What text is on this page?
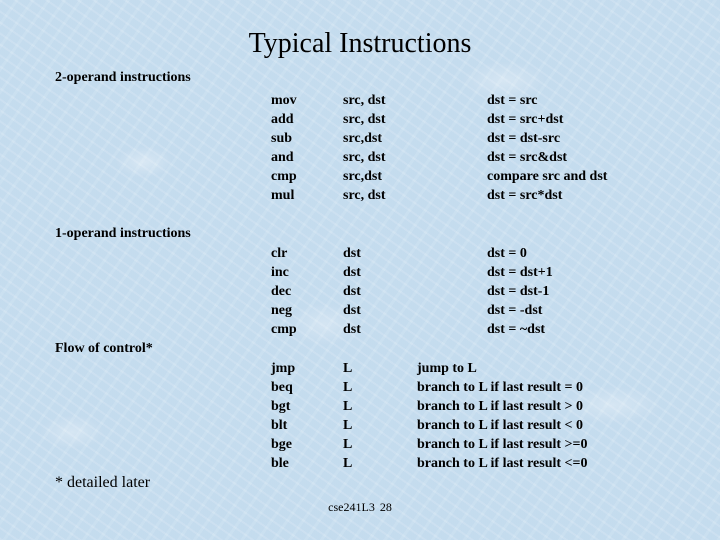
Typical Instructions
2-operand instructions
mov	src, dst	dst = src
add	src, dst	dst = src+dst
sub	src,dst	dst = dst-src
and	src, dst	dst = src&dst
cmp	src,dst	compare src and dst
mul	src, dst	dst = src*dst
1-operand instructions
clr	dst	dst = 0
inc	dst	dst = dst+1
dec	dst	dst = dst-1
neg	dst	dst = -dst
cmp	dst	dst = ~dst
Flow of control*
jmp	L	jump to L
beq	L	branch to L if last result = 0
bgt	L	branch to L if last result > 0
blt	L	branch to L if last result < 0
bge	L	branch to L if last result >=0
ble	L	branch to L if last result <=0
* detailed later
cse241L3 28
